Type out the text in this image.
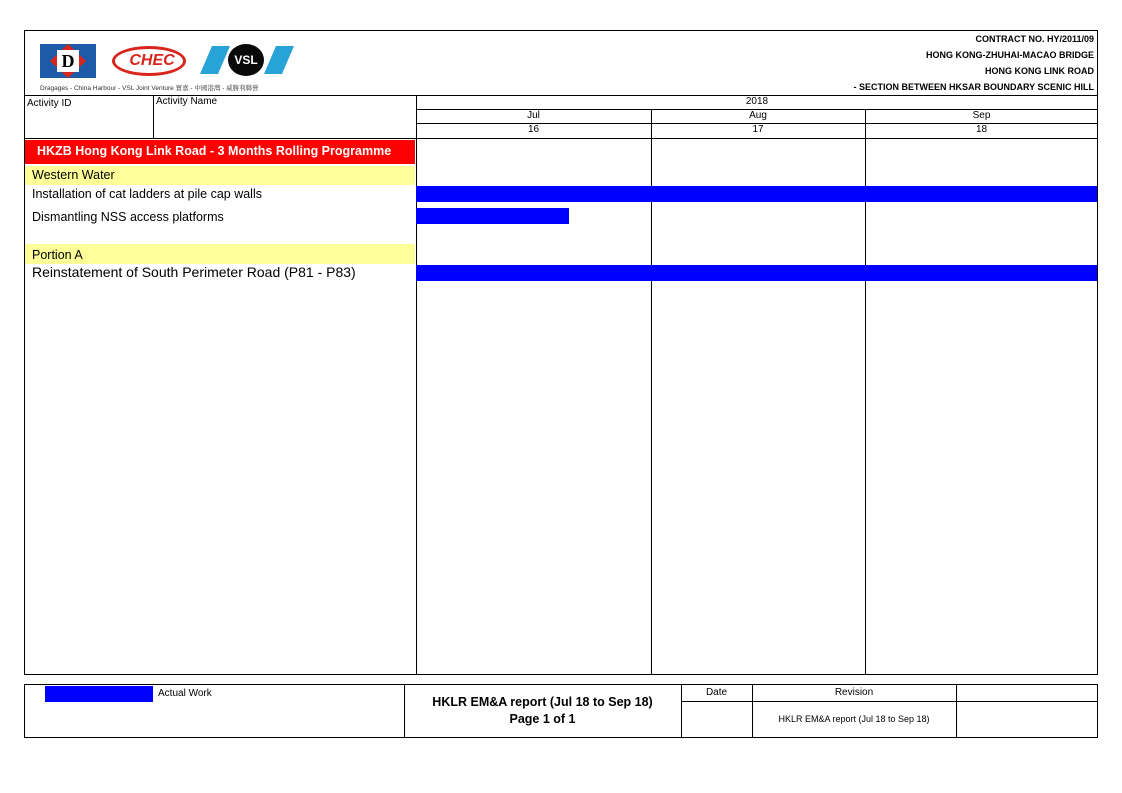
D	CHEC	VSL
Dragages - China Harbour - VSL Joint Venture 寶嘉 - 中國港灣 - 威勝利聯營
CONTRACT NO. HY/2011/09
HONG KONG-ZHUHAI-MACAO BRIDGE
HONG KONG LINK ROAD
- SECTION BETWEEN HKSAR BOUNDARY SCENIC HILL
Activity ID	Activity Name	2018
Jul	Aug	Sep
16	17	18
HKZB Hong Kong Link Road - 3 Months Rolling Programme
Western Water
Installation of cat ladders at pile cap walls
Dismantling NSS access platforms
Portion A
Reinstatement of South Perimeter Road (P81 - P83)
Actual Work
HKLR EM&A report (Jul 18 to Sep 18)
Page 1 of 1
Date	Revision
HKLR EM&A report (Jul 18 to Sep 18)
